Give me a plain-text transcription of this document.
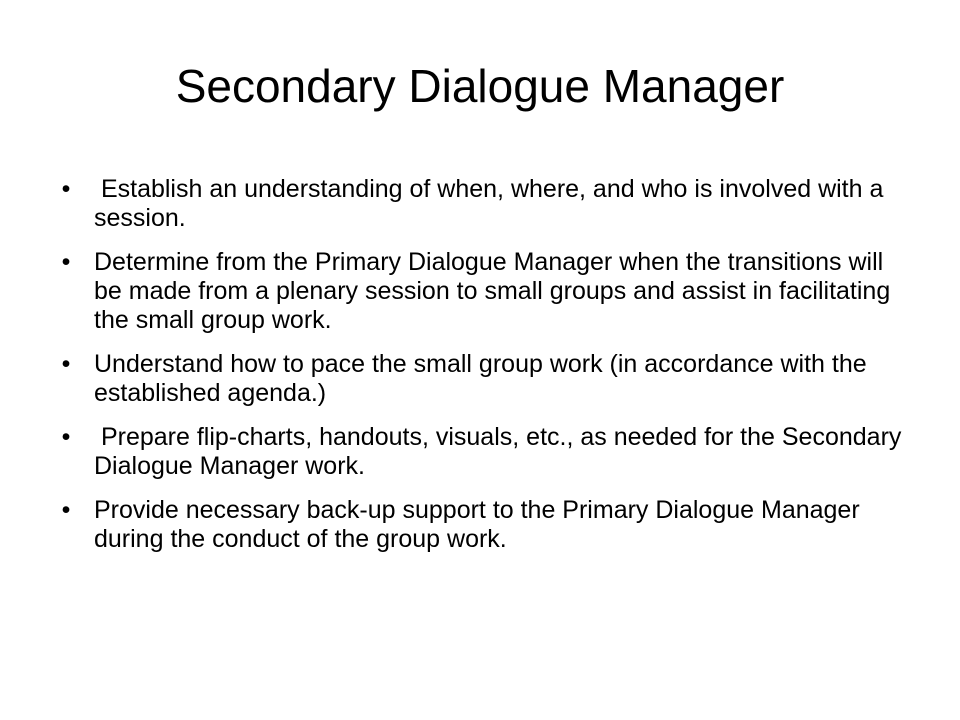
Secondary Dialogue Manager
• Establish an understanding of when, where, and who is involved with a session.
• Determine from the Primary Dialogue Manager when the transitions will be made from a plenary session to small groups and assist in facilitating the small group work.
• Understand how to pace the small group work (in accordance with the established agenda.)
• Prepare flip-charts, handouts, visuals, etc., as needed for the Secondary Dialogue Manager work.
• Provide necessary back-up support to the Primary Dialogue Manager during the conduct of the group work.
